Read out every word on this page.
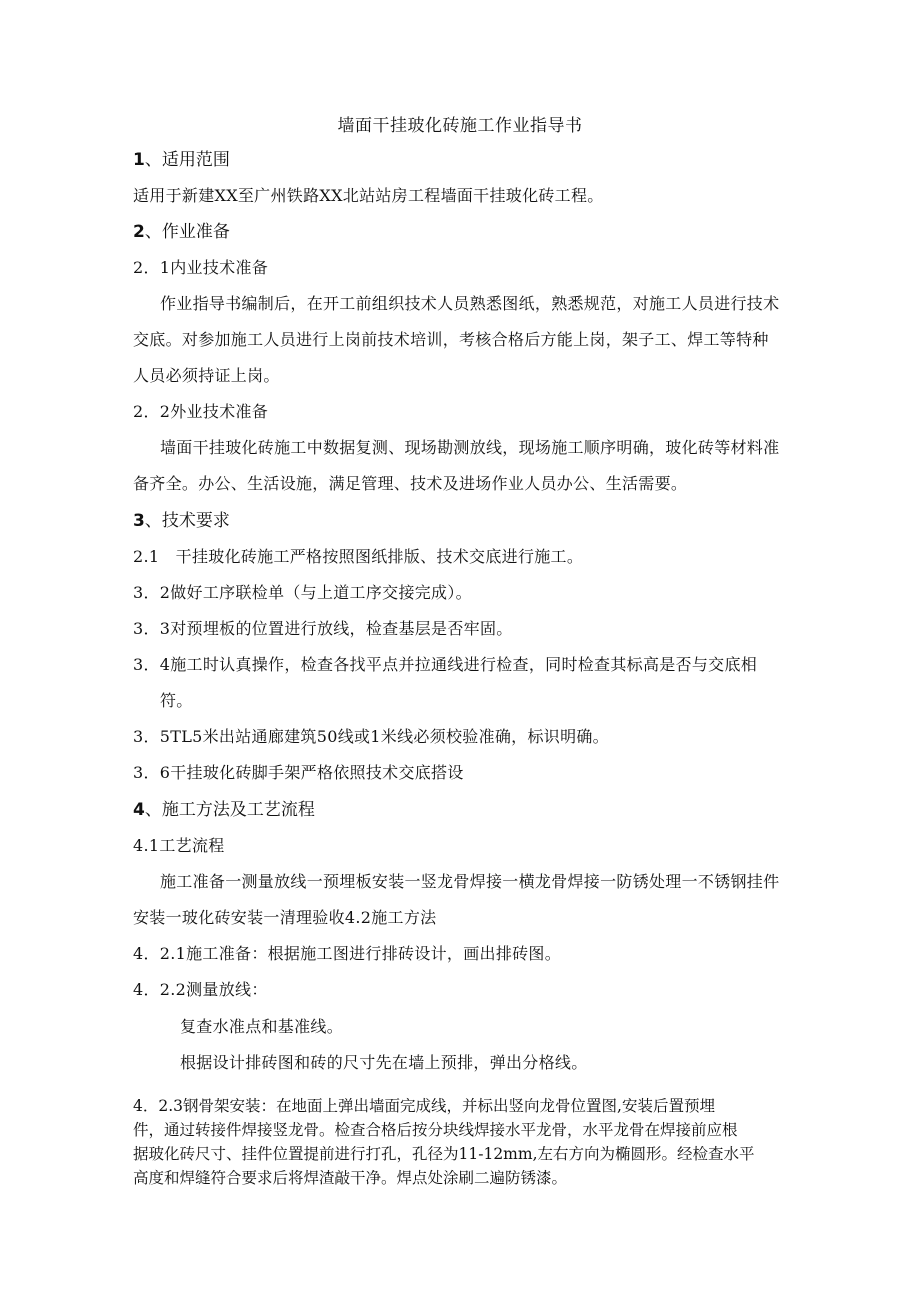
墙面干挂玻化砖施工作业指导书
1、适用范围
适用于新建XX至广州铁路XX北站站房工程墙面干挂玻化砖工程。
2、作业准备
2．1内业技术准备
作业指导书编制后，在开工前组织技术人员熟悉图纸，熟悉规范，对施工人员进行技术
交底。对参加施工人员进行上岗前技术培训，考核合格后方能上岗，架子工、焊工等特种
人员必须持证上岗。
2．2外业技术准备
墙面干挂玻化砖施工中数据复测、现场勘测放线，现场施工顺序明确，玻化砖等材料准
备齐全。办公、生活设施，满足管理、技术及进场作业人员办公、生活需要。
3、技术要求
2.1　干挂玻化砖施工严格按照图纸排版、技术交底进行施工。
3．2做好工序联检单（与上道工序交接完成）。
3．3对预埋板的位置进行放线，检查基层是否牢固。
3．4施工时认真操作，检查各找平点并拉通线进行检查，同时检查其标高是否与交底相
符。
3．5TL5米出站通廊建筑50线或1米线必须校验准确，标识明确。
3．6干挂玻化砖脚手架严格依照技术交底搭设
4、施工方法及工艺流程
4.1工艺流程
施工准备一测量放线一预埋板安装一竖龙骨焊接一横龙骨焊接一防锈处理一不锈钢挂件
安装一玻化砖安装一清理验收4.2施工方法
4．2.1施工准备：根据施工图进行排砖设计，画出排砖图。
4．2.2测量放线：
复查水准点和基准线。
根据设计排砖图和砖的尺寸先在墙上预排，弹出分格线。
4．2.3钢骨架安装：在地面上弹出墙面完成线，并标出竖向龙骨位置图,安装后置预埋
件，通过转接件焊接竖龙骨。检查合格后按分块线焊接水平龙骨，水平龙骨在焊接前应根
据玻化砖尺寸、挂件位置提前进行打孔，孔径为11-12mm,左右方向为椭圆形。经检查水平
高度和焊缝符合要求后将焊渣敲干净。焊点处涂刷二遍防锈漆。
